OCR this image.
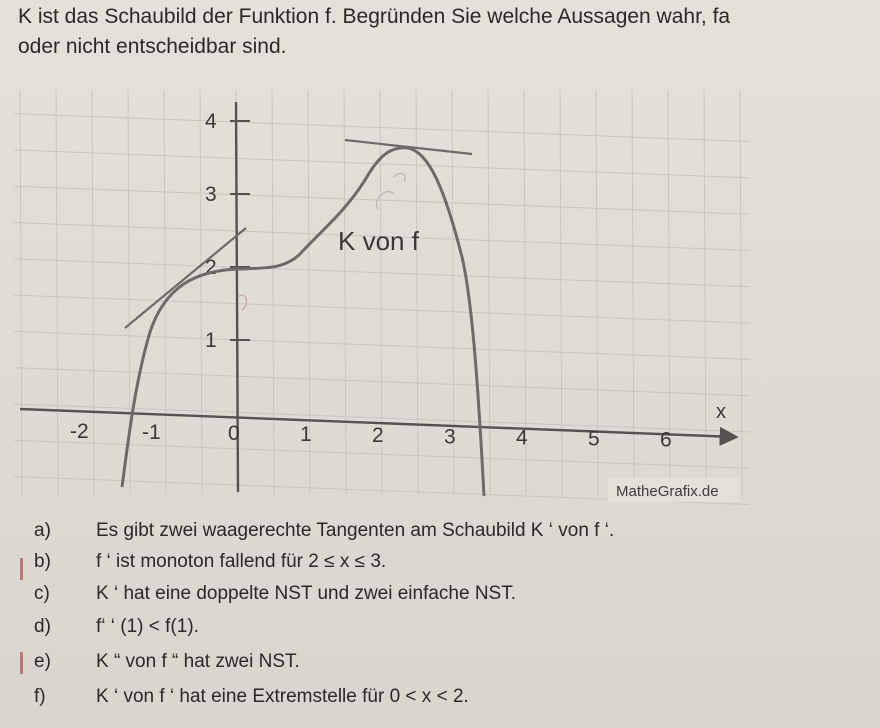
K ist das Schaubild der Funktion f. Begründen Sie welche Aussagen wahr, fa

oder nicht entscheidbar sind.

-2	-1	0	1	2	3	4	5	6
1
2
3
4
K von f
x
MatheGrafix.de
a) Es gibt zwei waagerechte Tangenten am Schaubild K ‘ von f ‘.
b) f ‘ ist monoton fallend für 2 ≤ x ≤ 3.
c) K ‘ hat eine doppelte NST und zwei einfache NST.
d) f‘ ‘ (1) < f(1).
e) K “ von f “ hat zwei NST.
f)	K ‘ von f ‘ hat eine Extremstelle für 0 < x < 2.
